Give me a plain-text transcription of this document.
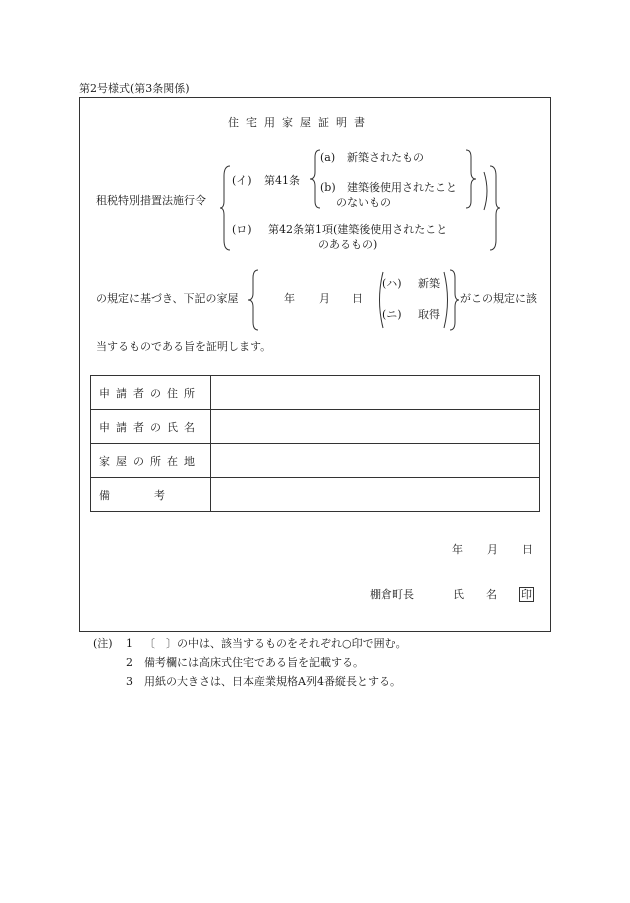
第2号様式(第3条関係)
住宅用家屋証明書
租税特別措置法施行令
(イ) 第41条
(a) 新築されたもの
(b) 建築後使用されたこと
のないもの
(ロ) 第42条第1項(建築後使用されたこと
のあるもの)
の規定に基づき、下記の家屋	年 月 日
(ハ) 新築
(ニ) 取得
がこの規定に該
当するものである旨を証明します。
申請者の住所	
申請者の氏名	
家屋の所在地	
備　　　　考	
年 月 日
棚倉町長	氏　　名 印
(注) 1 〔　〕の中は、該当するものをそれぞれ○印で囲む。
2 備考欄には高床式住宅である旨を記載する。
3 用紙の大きさは、日本産業規格A列4番縦長とする。
